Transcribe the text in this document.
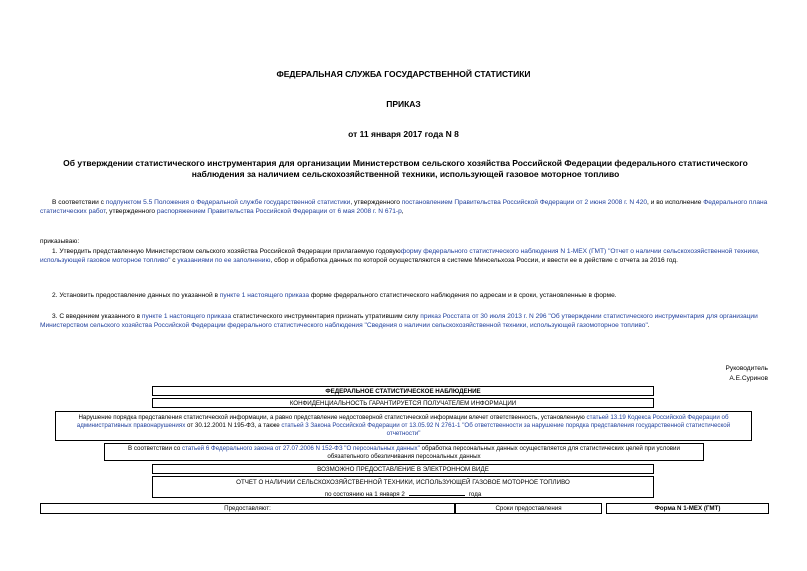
ФЕДЕРАЛЬНАЯ СЛУЖБА ГОСУДАРСТВЕННОЙ СТАТИСТИКИ
ПРИКАЗ
от 11 января 2017 года N 8
Об утверждении статистического инструментария для организации Министерством сельского хозяйства Российской Федерации федерального статистического наблюдения за наличием сельскохозяйственной техники, использующей газовое моторное топливо
В соответствии с подпунктом 5.5 Положения о Федеральной службе государственной статистики, утвержденного постановлением Правительства Российской Федерации от 2 июня 2008 г. N 420, и во исполнение Федерального плана статистических работ, утвержденного распоряжением Правительства Российской Федерации от 6 мая 2008 г. N 671-р,
приказываю:
1. Утвердить представленную Министерством сельского хозяйства Российской Федерации прилагаемую годовуюформу федерального статистического наблюдения N 1-МЕХ (ГМТ) "Отчет о наличии сельскохозяйственной техники, использующей газовое моторное топливо" с указаниями по ее заполнению, сбор и обработка данных по которой осуществляются в системе Минсельхоза России, и ввести ее в действие с отчета за 2016 год.
2. Установить предоставление данных по указанной в пункте 1 настоящего приказа форме федерального статистического наблюдения по адресам и в сроки, установленные в форме.
3. С введением указанного в пункте 1 настоящего приказа статистического инструментария признать утратившим силу приказ Росстата от 30 июля 2013 г. N 296 "Об утверждении статистического инструментария для организации Министерством сельского хозяйства Российской Федерации федерального статистического наблюдения "Сведения о наличии сельскохозяйственной техники, использующей газомоторное топливо".
Руководитель
А.Е.Суринов
ФЕДЕРАЛЬНОЕ СТАТИСТИЧЕСКОЕ НАБЛЮДЕНИЕ
КОНФИДЕНЦИАЛЬНОСТЬ ГАРАНТИРУЕТСЯ ПОЛУЧАТЕЛЕМ ИНФОРМАЦИИ
Нарушение порядка представления статистической информации, а равно представление недостоверной статистической информации влечет ответственность, установленную статьей 13.19 Кодекса Российской Федерации об административных правонарушениях от 30.12.2001 N 195-ФЗ, а также статьей 3 Закона Российской Федерации от 13.05.92 N 2761-1 "Об ответственности за нарушение порядка представления государственной статистической отчетности"
В соответствии со статьей 6 Федерального закона от 27.07.2006 N 152-ФЗ "О персональных данных" обработка персональных данных осуществляется для статистических целей при условии обязательного обезличивания персональных данных
ВОЗМОЖНО ПРЕДОСТАВЛЕНИЕ В ЭЛЕКТРОННОМ ВИДЕ
ОТЧЕТ О НАЛИЧИИ СЕЛЬСКОХОЗЯЙСТВЕННОЙ ТЕХНИКИ, ИСПОЛЬЗУЮЩЕЙ ГАЗОВОЕ МОТОРНОЕ ТОПЛИВО
по состоянию на 1 января 2	года
Предоставляют:	Сроки предоставления	Форма N 1-МЕХ (ГМТ)
